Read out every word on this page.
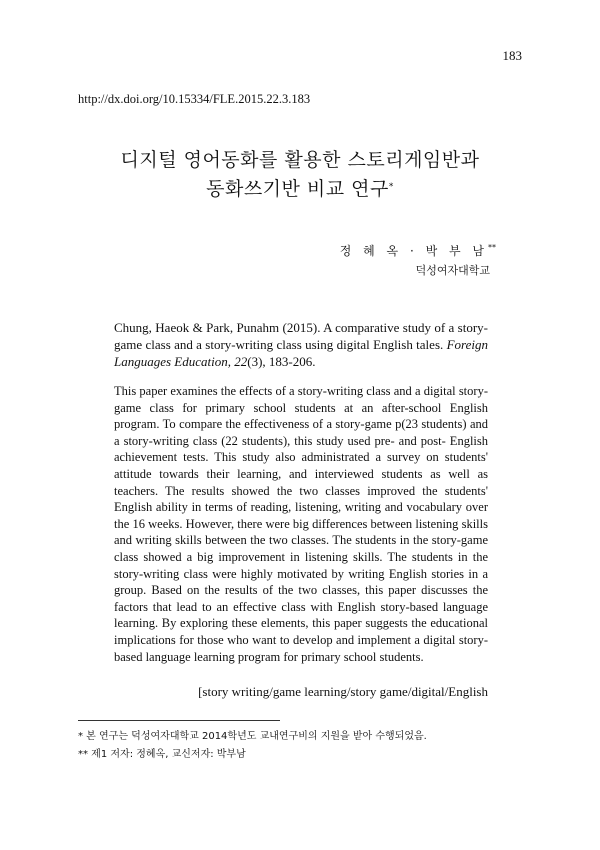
183
http://dx.doi.org/10.15334/FLE.2015.22.3.183
디지털 영어동화를 활용한 스토리게임반과
동화쓰기반 비교 연구*
정 혜 옥 · 박 부 남**
덕성여자대학교
Chung, Haeok & Park, Punahm (2015). A comparative study of a story-game class and a story-writing class using digital English tales. Foreign Languages Education, 22(3), 183-206.
This paper examines the effects of a story-writing class and a digital story-game class for primary school students at an after-school English program. To compare the effectiveness of a story-game p(23 students) and a story-writing class (22 students), this study used pre- and post- English achievement tests. This study also administrated a survey on students' attitude towards their learning, and interviewed students as well as teachers. The results showed the two classes improved the students' English ability in terms of reading, listening, writing and vocabulary over the 16 weeks. However, there were big differences between listening skills and writing skills between the two classes. The students in the story-game class showed a big improvement in listening skills. The students in the story-writing class were highly motivated by writing English stories in a group. Based on the results of the two classes, this paper discusses the factors that lead to an effective class with English story-based language learning. By exploring these elements, this paper suggests the educational implications for those who want to develop and implement a digital story-based language learning program for primary school students.
[story writing/game learning/story game/digital/English
* 본 연구는 덕성여자대학교 2014학년도 교내연구비의 지원을 받아 수행되었음.
** 제1 저자: 정혜옥, 교신저자: 박부남
